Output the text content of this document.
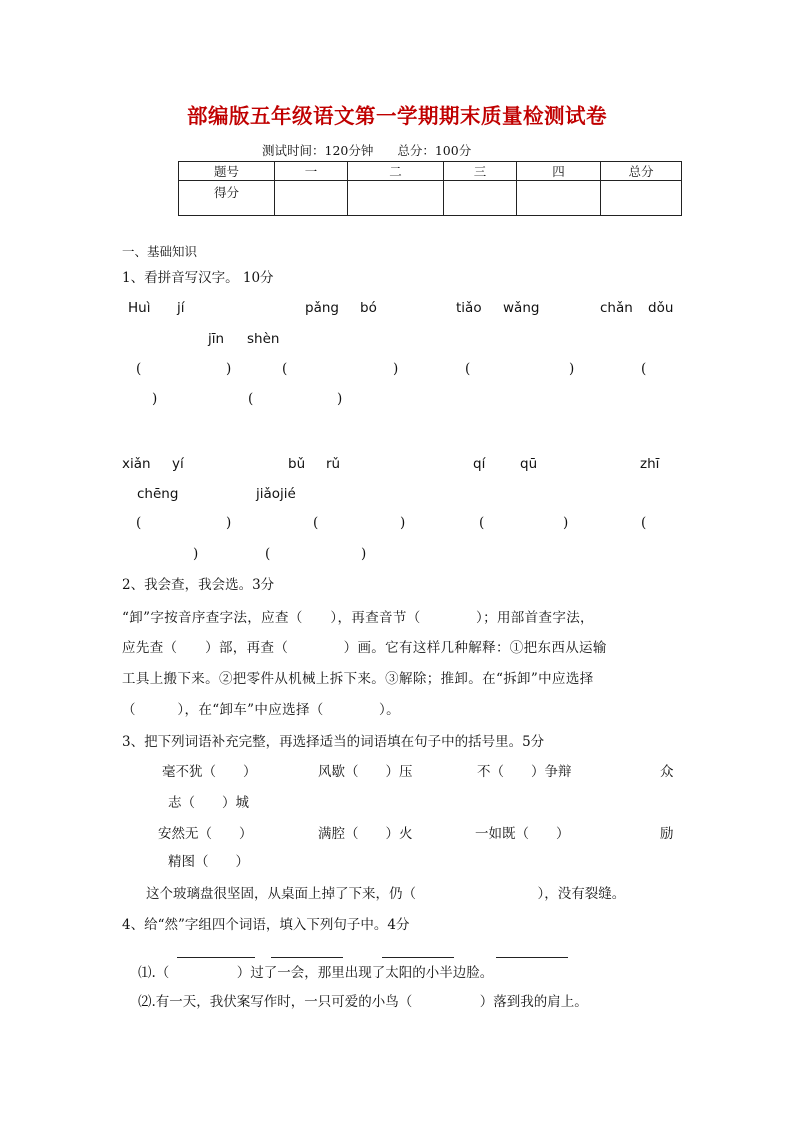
部编版五年级语文第一学期期末质量检测试卷
测试时间：120分钟 总分：100分
题号	一	二	三	四	总分
得分					
一、基础知识
1、看拼音写汉字。 10分
Huì jí	pǎng bó	tiǎo wǎng	chǎn dǒu
jīn shèn
(	)	(	)	(	)	(
)	(	)
xiǎn yí	bǔ rǔ	qí	qū	zhī
chēng	jiǎojié
(	)	(	)	(	)	(
)	(	)
2、我会查，我会选。3分
“卸”字按音序查字法，应查（　　），再查音节（　　　　）；用部首查字法，
应先查（　　）部，再查（　　　　）画。它有这样几种解释：①把东西从运输
工具上搬下来。②把零件从机械上拆下来。③解除；推卸。在“拆卸”中应选择
（　　　），在“卸车”中应选择（　　　　）。
3、把下列词语补充完整，再选择适当的词语填在句子中的括号里。5分
毫不犹（　　）	风歇（　　）压	不（　　）争辩	众
志（　　）城
安然无（　　）	满腔（　　）火	一如既（　　）	励
精图（　　）
这个玻璃盘很坚固，从桌面上掉了下来，仍（　　　　　　　　　），没有裂缝。
4、给“然”字组四个词语，填入下列句子中。4分
⑴.（　　　　　）过了一会，那里出现了太阳的小半边脸。
⑵.有一天，我伏案写作时，一只可爱的小鸟（　　　　　）落到我的肩上。
